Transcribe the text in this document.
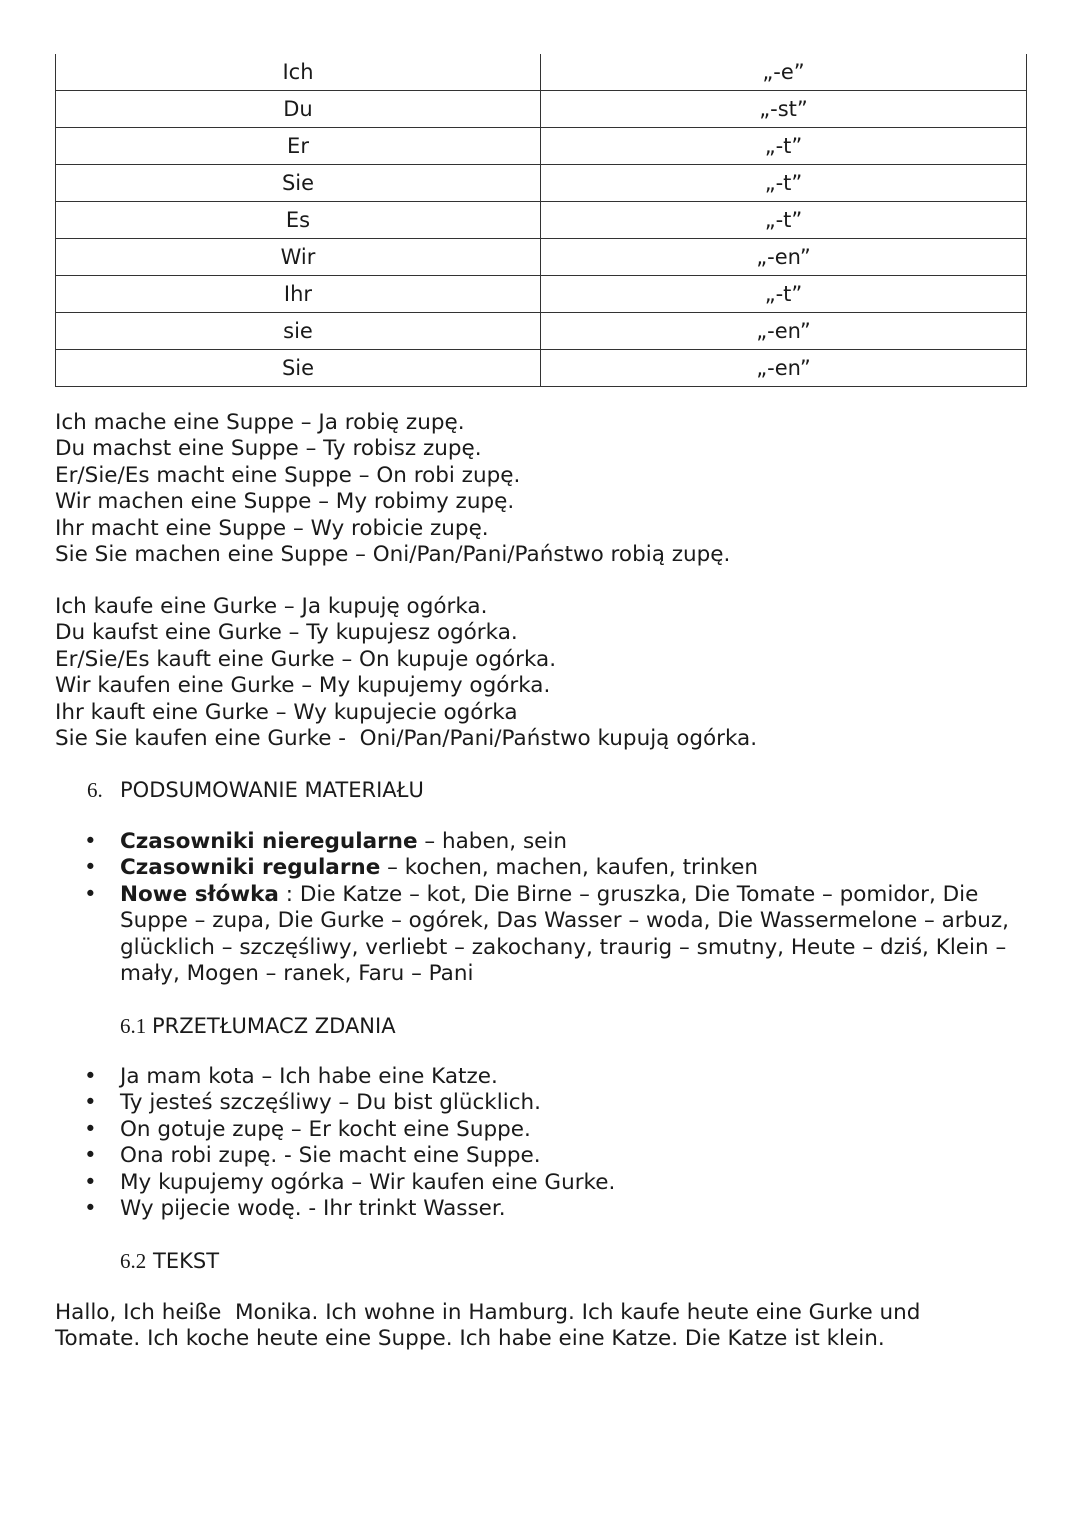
Ich	„-e”
Du	„-st”
Er	„-t”
Sie	„-t”
Es	„-t”
Wir	„-en”
Ihr	„-t”
sie	„-en”
Sie	„-en”
Ich mache eine Suppe – Ja robię zupę.
Du machst eine Suppe – Ty robisz zupę.
Er/Sie/Es macht eine Suppe – On robi zupę.
Wir machen eine Suppe – My robimy zupę.
Ihr macht eine Suppe – Wy robicie zupę.
Sie Sie machen eine Suppe – Oni/Pan/Pani/Państwo robią zupę.
Ich kaufe eine Gurke – Ja kupuję ogórka.
Du kaufst eine Gurke – Ty kupujesz ogórka.
Er/Sie/Es kauft eine Gurke – On kupuje ogórka.
Wir kaufen eine Gurke – My kupujemy ogórka.
Ihr kauft eine Gurke – Wy kupujecie ogórka
Sie Sie kaufen eine Gurke -  Oni/Pan/Pani/Państwo kupują ogórka.
6. PODSUMOWANIE MATERIAŁU
• Czasowniki nieregularne – haben, sein
• Czasowniki regularne – kochen, machen, kaufen, trinken
• Nowe słówka : Die Katze – kot, Die Birne – gruszka, Die Tomate – pomidor, Die Suppe – zupa, Die Gurke – ogórek, Das Wasser – woda, Die Wassermelone – arbuz, glücklich – szczęśliwy, verliebt – zakochany, traurig – smutny, Heute – dziś, Klein – mały, Mogen – ranek, Faru – Pani
6.1 PRZETŁUMACZ ZDANIA
• Ja mam kota – Ich habe eine Katze.
• Ty jesteś szczęśliwy – Du bist glücklich.
• On gotuje zupę – Er kocht eine Suppe.
• Ona robi zupę. - Sie macht eine Suppe.
• My kupujemy ogórka – Wir kaufen eine Gurke.
• Wy pijecie wodę. - Ihr trinkt Wasser.
6.2 TEKST
Hallo, Ich heiße  Monika. Ich wohne in Hamburg. Ich kaufe heute eine Gurke und
Tomate. Ich koche heute eine Suppe. Ich habe eine Katze. Die Katze ist klein.
